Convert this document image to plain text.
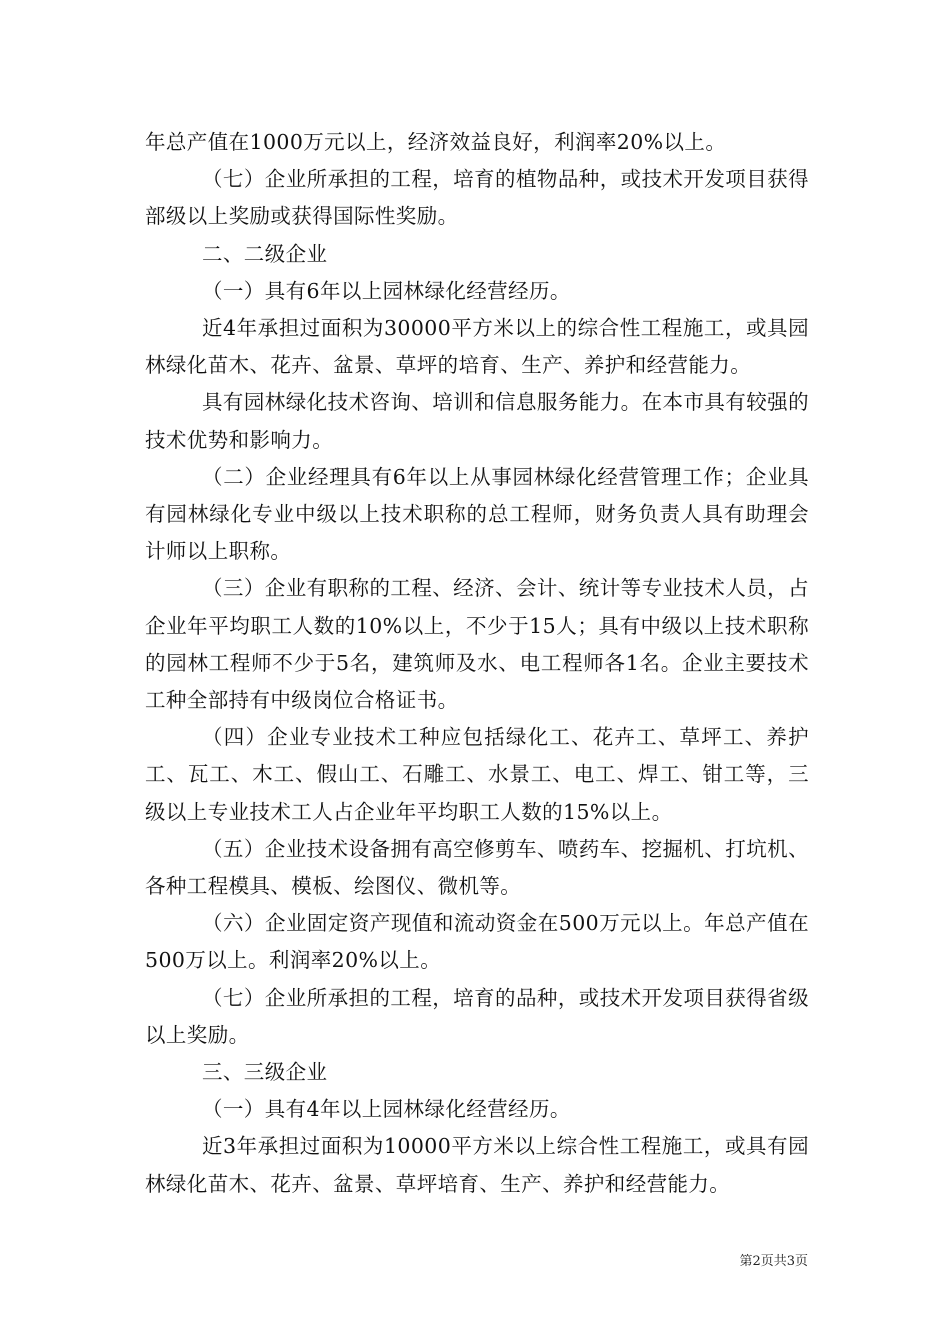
年总产值在1000万元以上，经济效益良好，利润率20%以上。

（七）企业所承担的工程，培育的植物品种，或技术开发项目获得部级以上奖励或获得国际性奖励。

二、二级企业

（一）具有6年以上园林绿化经营经历。

近4年承担过面积为30000平方米以上的综合性工程施工，或具园林绿化苗木、花卉、盆景、草坪的培育、生产、养护和经营能力。

具有园林绿化技术咨询、培训和信息服务能力。在本市具有较强的技术优势和影响力。

（二）企业经理具有6年以上从事园林绿化经营管理工作；企业具有园林绿化专业中级以上技术职称的总工程师，财务负责人具有助理会计师以上职称。

（三）企业有职称的工程、经济、会计、统计等专业技术人员，占企业年平均职工人数的10%以上，不少于15人；具有中级以上技术职称的园林工程师不少于5名，建筑师及水、电工程师各1名。企业主要技术工种全部持有中级岗位合格证书。

（四）企业专业技术工种应包括绿化工、花卉工、草坪工、养护工、瓦工、木工、假山工、石雕工、水景工、电工、焊工、钳工等，三级以上专业技术工人占企业年平均职工人数的15%以上。

（五）企业技术设备拥有高空修剪车、喷药车、挖掘机、打坑机、各种工程模具、模板、绘图仪、微机等。

（六）企业固定资产现值和流动资金在500万元以上。年总产值在500万以上。利润率20%以上。

（七）企业所承担的工程，培育的品种，或技术开发项目获得省级以上奖励。

三、三级企业

（一）具有4年以上园林绿化经营经历。

近3年承担过面积为10000平方米以上综合性工程施工，或具有园林绿化苗木、花卉、盆景、草坪培育、生产、养护和经营能力。

第2页共3页
